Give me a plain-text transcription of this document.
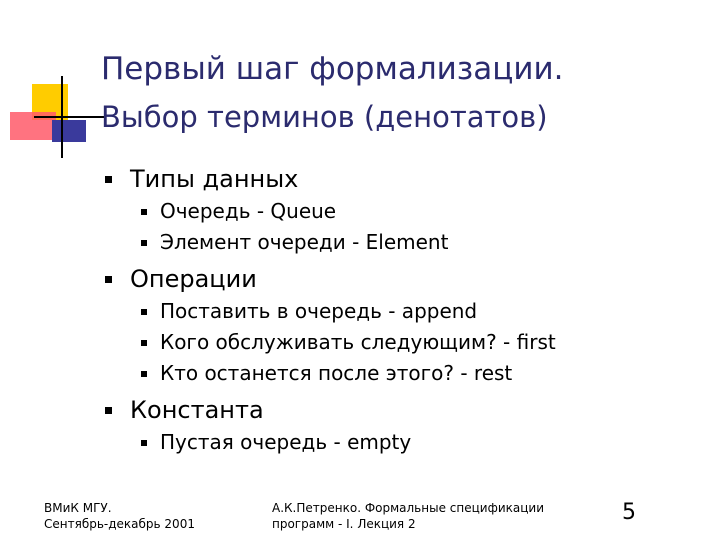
Первый шаг формализации.
Выбор терминов (денотатов)
Типы данных
Очередь - Queue
Элемент очереди - Element
Операции
Поставить в очередь - append
Кого обслуживать следующим? - first
Кто останется после этого? - rest
Константа
Пустая очередь - empty
ВМиК МГУ.
Сентябрь-декабрь 2001
А.К.Петренко. Формальные спецификации
программ - I. Лекция 2	5
